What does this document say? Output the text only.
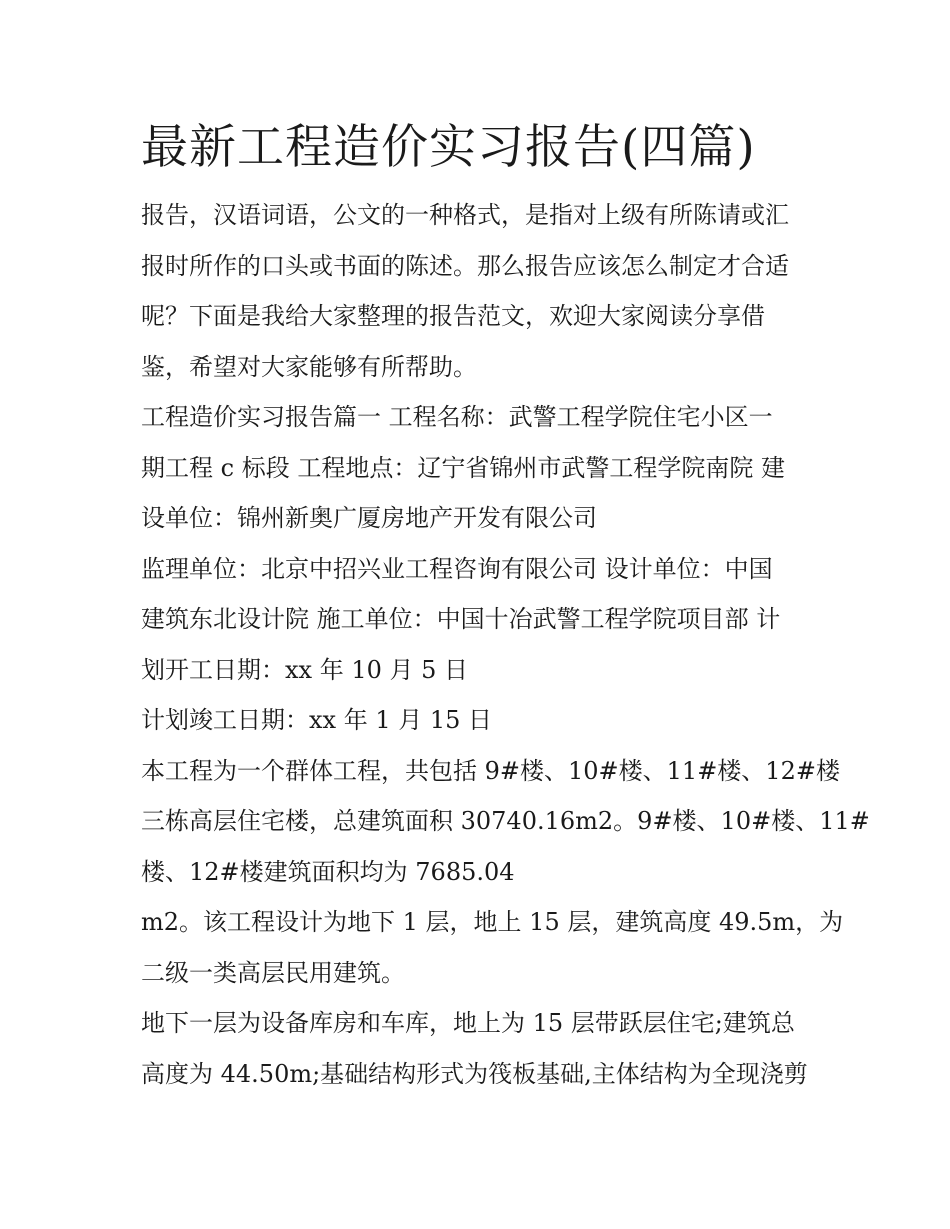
最新工程造价实习报告(四篇)

报告，汉语词语，公文的一种格式，是指对上级有所陈请或汇
报时所作的口头或书面的陈述。那么报告应该怎么制定才合适
呢？下面是我给大家整理的报告范文，欢迎大家阅读分享借
鉴，希望对大家能够有所帮助。

工程造价实习报告篇一 工程名称：武警工程学院住宅小区一
期工程 c 标段 工程地点：辽宁省锦州市武警工程学院南院 建
设单位：锦州新奥广厦房地产开发有限公司

监理单位：北京中招兴业工程咨询有限公司 设计单位：中国
建筑东北设计院 施工单位：中国十冶武警工程学院项目部 计
划开工日期：xx 年 10 月 5 日

计划竣工日期：xx 年 1 月 15 日

本工程为一个群体工程，共包括 9#楼、10#楼、11#楼、12#楼
三栋高层住宅楼，总建筑面积 30740.16m2。9#楼、10#楼、11#
楼、12#楼建筑面积均为 7685.04

m2。该工程设计为地下 1 层，地上 15 层，建筑高度 49.5m，为
二级一类高层民用建筑。

地下一层为设备库房和车库，地上为 15 层带跃层住宅;建筑总
高度为 44.50m;基础结构形式为筏板基础,主体结构为全现浇剪
